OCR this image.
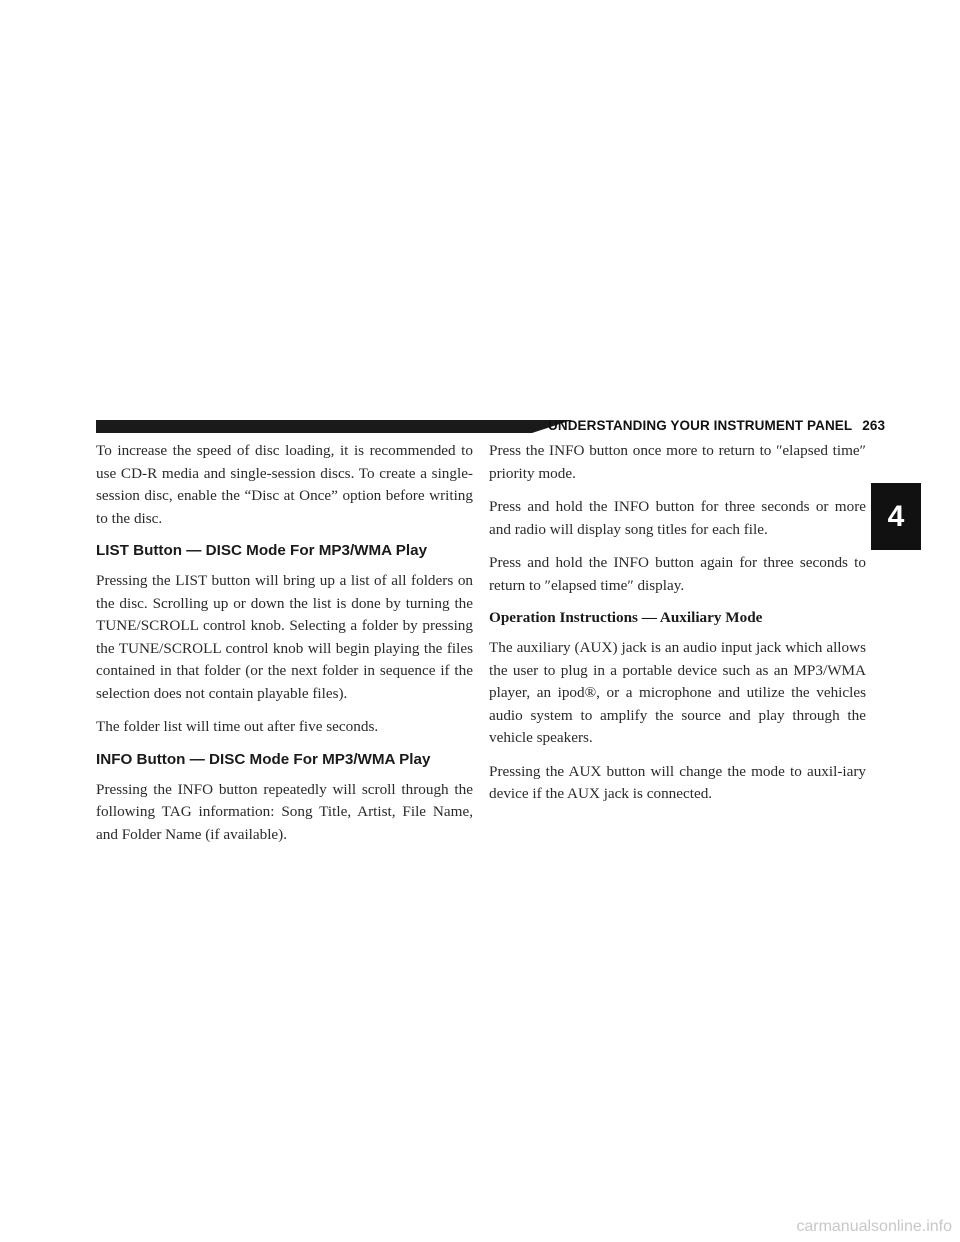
UNDERSTANDING YOUR INSTRUMENT PANEL 263
4

To increase the speed of disc loading, it is recommended to use CD-R media and single-session discs. To create a single-session disc, enable the “Disc at Once” option before writing to the disc.

LIST Button — DISC Mode For MP3/WMA Play

Pressing the LIST button will bring up a list of all folders on the disc. Scrolling up or down the list is done by turning the TUNE/SCROLL control knob. Selecting a folder by pressing the TUNE/SCROLL control knob will begin playing the files contained in that folder (or the next folder in sequence if the selection does not contain playable files).

The folder list will time out after five seconds.

INFO Button — DISC Mode For MP3/WMA Play

Pressing the INFO button repeatedly will scroll through the following TAG information: Song Title, Artist, File Name, and Folder Name (if available).

Press the INFO button once more to return to ″elapsed time″ priority mode.

Press and hold the INFO button for three seconds or more and radio will display song titles for each file.

Press and hold the INFO button again for three seconds to return to ″elapsed time″ display.

Operation Instructions — Auxiliary Mode

The auxiliary (AUX) jack is an audio input jack which allows the user to plug in a portable device such as an MP3/WMA player, an ipod®, or a microphone and utilize the vehicles audio system to amplify the source and play through the vehicle speakers.

Pressing the AUX button will change the mode to auxil-iary device if the AUX jack is connected.

carmanualsonline.info
